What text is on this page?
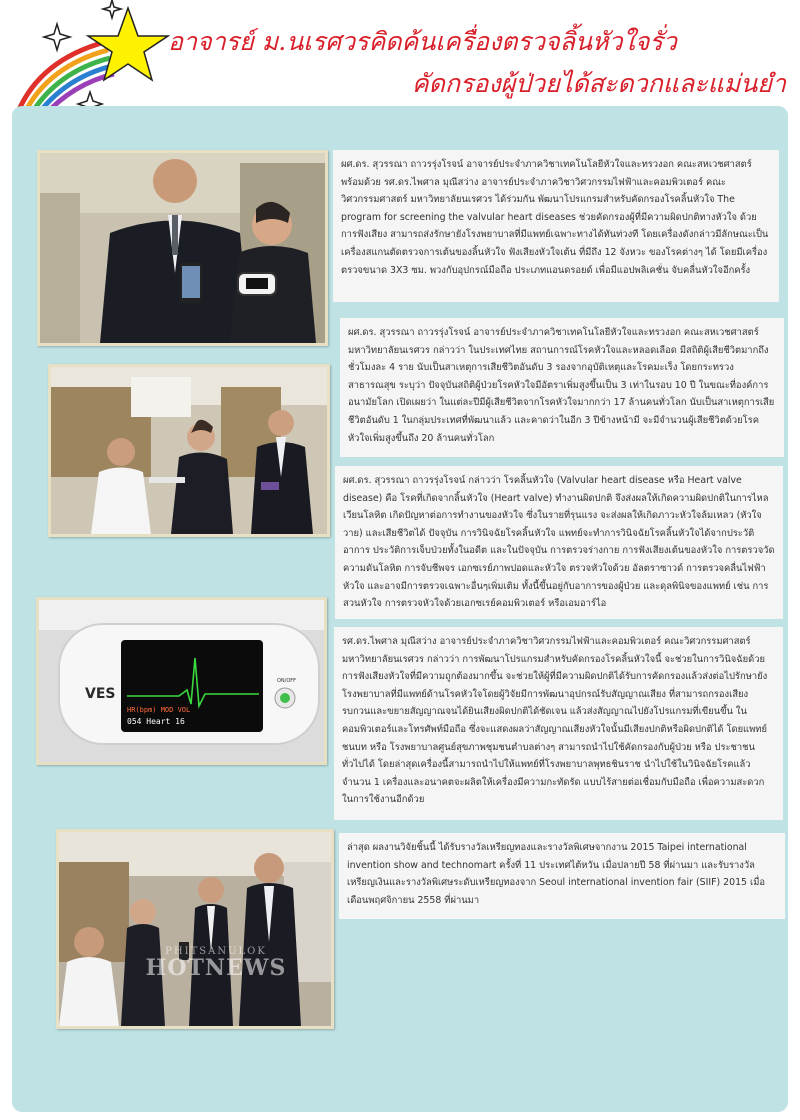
อาจารย์ ม.นเรศวรคิดค้นเครื่องตรวจลิ้นหัวใจรั่ว
คัดกรองผู้ป่วยได้สะดวกและแม่นยำ
ผศ.ดร. สุวรรณา ถาวรรุ่งโรจน์ อาจารย์ประจำภาควิชาเทคโนโลยีหัวใจและทรวงอก คณะสหเวชศาสตร์ พร้อมด้วย รศ.ดร.ไพศาล มุณีสว่าง อาจารย์ประจำภาควิชาวิศวกรรมไฟฟ้าและคอมพิวเตอร์ คณะวิศวกรรมศาสตร์ มหาวิทยาลัยนเรศวร ได้ร่วมกัน พัฒนาโปรแกรมสำหรับคัดกรองโรคลิ้นหัวใจ The program for screening the valvular heart diseases ช่วยคัดกรองผู้ที่มีความผิดปกติทางหัวใจ ด้วยการฟังเสียง สามารถส่งรักษายังโรงพยาบาลที่มีแพทย์เฉพาะทางได้ทันท่วงที โดยเครื่องดังกล่าวมีลักษณะเป็นเครื่องสแกนตัดตรวจการเต้นของลิ้นหัวใจ ฟังเสียงหัวใจเต้น ที่มีถึง 12 จังหวะ ของโรคต่างๆ ได้ โดยมีเครื่องตรวจขนาด 3X3 ซม. พวงกับอุปกรณ์มือถือ ประเภทแอนดรอยด์ เพื่อมีแอปพลิเคชั่น จับคลื่นหัวใจอีกครั้ง
ผศ.ดร. สุวรรณา ถาวรรุ่งโรจน์ อาจารย์ประจำภาควิชาเทคโนโลยีหัวใจและทรวงอก คณะสหเวชศาสตร์ มหาวิทยาลัยนเรศวร กล่าวว่า ในประเทศไทย สถานการณ์โรคหัวใจและหลอดเลือด มีสถิติผู้เสียชีวิตมากถึงชั่วโมงละ 4 ราย นับเป็นสาเหตุการเสียชีวิตอันดับ 3 รองจากอุบัติเหตุและโรคมะเร็ง โดยกระทรวงสาธารณสุข ระบุว่า ปัจจุบันสถิติผู้ป่วยโรคหัวใจมีอัตราเพิ่มสูงขึ้นเป็น 3 เท่าในรอบ 10 ปี ในขณะที่องค์การอนามัยโลก เปิดเผยว่า ในแต่ละปีมีผู้เสียชีวิตจากโรคหัวใจมากกว่า 17 ล้านคนทั่วโลก นับเป็นสาเหตุการเสียชีวิตอันดับ 1 ในกลุ่มประเทศที่พัฒนาแล้ว และคาดว่าในอีก 3 ปีข้างหน้ามี จะมีจำนวนผู้เสียชีวิตด้วยโรคหัวใจเพิ่มสูงขึ้นถึง 20 ล้านคนทั่วโลก
ผศ.ดร. สุวรรณา ถาวรรุ่งโรจน์ กล่าวว่า โรคลิ้นหัวใจ (Valvular heart disease หรือ Heart valve disease) คือ โรคที่เกิดจากลิ้นหัวใจ (Heart valve) ทำงานผิดปกติ จึงส่งผลให้เกิดความผิดปกติในการไหลเวียนโลหิต เกิดปัญหาต่อการทำงานของหัวใจ ซึ่งในรายที่รุนแรง จะส่งผลให้เกิดภาวะหัวใจล้มเหลว (หัวใจวาย) และเสียชีวิตได้ ปัจจุบัน การวินิจฉัยโรคลิ้นหัวใจ แพทย์จะทำการวินิจฉัยโรคลิ้นหัวใจได้จากประวัติอาการ ประวัติการเจ็บป่วยทั้งในอดีต และในปัจจุบัน การตรวจร่างกาย การฟังเสียงเต้นของหัวใจ การตรวจวัดความดันโลหิต การจับชีพจร เอกซเรย์ภาพปอดและหัวใจ ตรวจหัวใจด้วย อัลตราซาวด์ การตรวจคลื่นไฟฟ้าหัวใจ และอาจมีการตรวจเฉพาะอื่นๆเพิ่มเติม ทั้งนี้ขึ้นอยู่กับอาการของผู้ป่วย และดุลพินิจของแพทย์ เช่น การสวนหัวใจ การตรวจหัวใจด้วยเอกซเรย์คอมพิวเตอร์ หรือเอมอาร์ไอ
HR(bpm) MOD VOL
054 Heart 16
VES
ON/OFF
รศ.ดร.ไพศาล มุณีสว่าง อาจารย์ประจำภาควิชาวิศวกรรมไฟฟ้าและคอมพิวเตอร์ คณะวิศวกรรมศาสตร์ มหาวิทยาลัยนเรศวร กล่าวว่า การพัฒนาโปรแกรมสำหรับคัดกรองโรคลิ้นหัวใจนี้ จะช่วยในการวินิจฉัยด้วยการฟังเสียงหัวใจที่มีความถูกต้องมากขึ้น จะช่วยให้ผู้ที่มีความผิดปกติได้รับการคัดกรองแล้วส่งต่อไปรักษายังโรงพยาบาลที่มีแพทย์ด้านโรคหัวใจโดยผู้วิจัยมีการพัฒนาอุปกรณ์รับสัญญาณเสียง ที่สามารถกรองเสียงรบกวนและขยายสัญญาณจนได้ยินเสียงผิดปกติได้ชัดเจน แล้วส่งสัญญาณไปยังโปรแกรมที่เขียนขึ้น ในคอมพิวเตอร์และโทรศัพท์มือถือ ซึ่งจะแสดงผลว่าสัญญาณเสียงหัวใจนั้นมีเสียงปกติหรือผิดปกติได้ โดยแพทย์ชนบท หรือ โรงพยาบาลศูนย์สุขภาพชุมชนตำบลต่างๆ สามารถนำไปใช้คัดกรองกับผู้ป่วย หรือ ประชาชนทั่วไปได้ โดยล่าสุดเครื่องนี้สามารถนำไปให้แพทย์ที่โรงพยาบาลพุทธชินราช นำไปใช้ในวินิจฉัยโรคแล้ว จำนวน 1 เครื่องและอนาคตจะผลิตให้เครื่องมีความกะทัดรัด แบบไร้สายต่อเชื่อมกับมือถือ เพื่อความสะดวกในการใช้งานอีกด้วย
ล่าสุด ผลงานวิจัยชิ้นนี้ ได้รับรางวัลเหรียญทองและรางวัลพิเศษจากงาน 2015 Taipei international invention show and technomart ครั้งที่ 11 ประเทศไต้หวัน เมื่อปลายปี 58 ที่ผ่านมา และรับรางวัลเหรียญเงินและรางวัลพิเศษระดับเหรียญทองจาก Seoul international invention fair (SIIF) 2015 เมื่อเดือนพฤศจิกายน 2558 ที่ผ่านมา
PHITSANULOK
HOTNEWS
